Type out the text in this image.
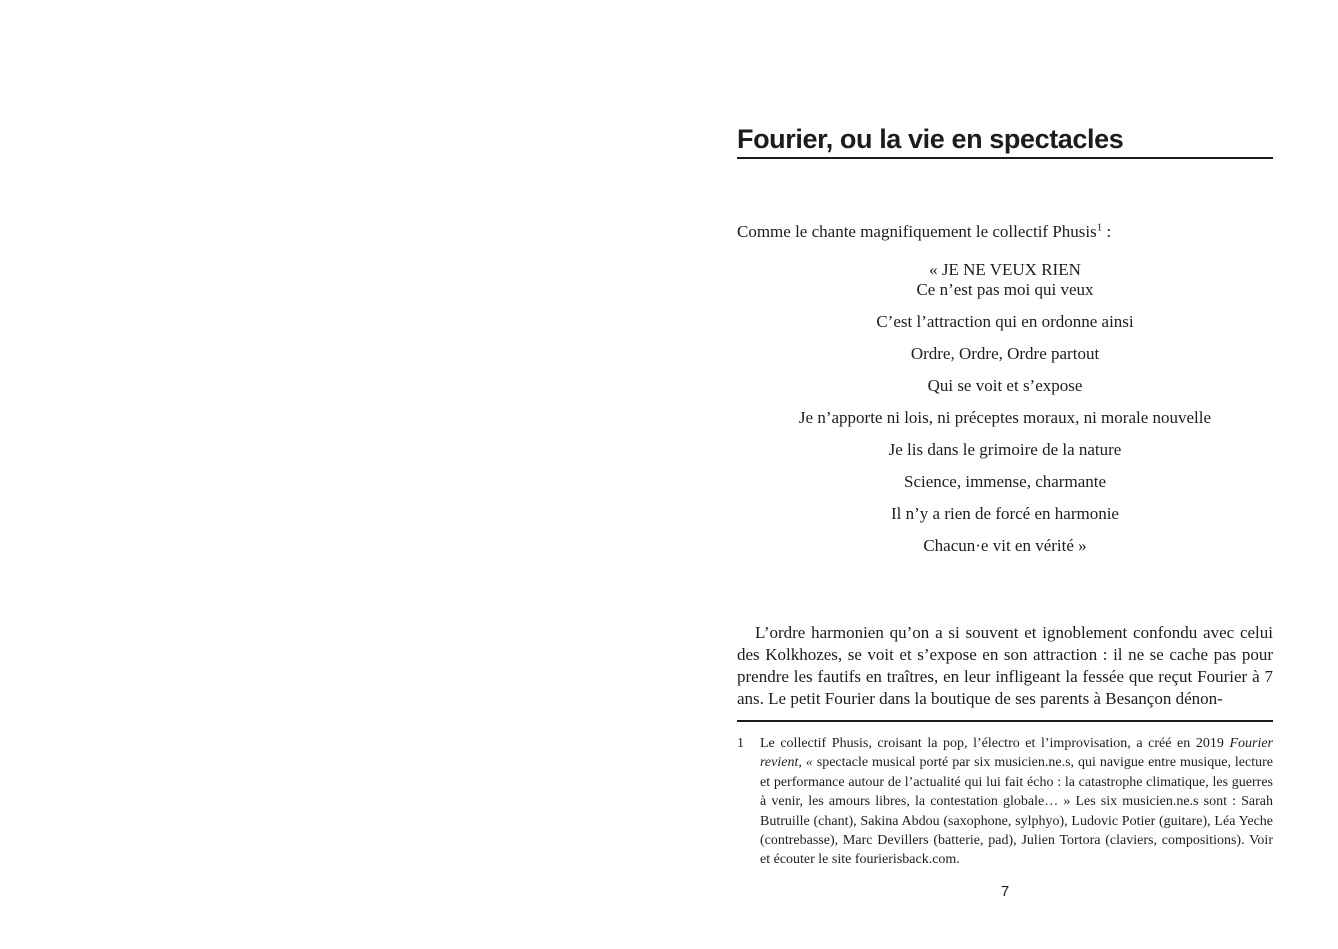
Fourier, ou la vie en spectacles

Comme le chante magnifiquement le collectif Phusis$^1$ :

« JE NE VEUX RIEN
Ce n’est pas moi qui veux
C’est l’attraction qui en ordonne ainsi
Ordre, Ordre, Ordre partout
Qui se voit et s’expose
Je n’apporte ni lois, ni préceptes moraux, ni morale nouvelle
Je lis dans le grimoire de la nature
Science, immense, charmante
Il n’y a rien de forcé en harmonie
Chacun·e vit en vérité »

L’ordre harmonien qu’on a si souvent et ignoblement confondu avec celui des Kolkhozes, se voit et s’expose en son attraction : il ne se cache pas pour prendre les fautifs en traîtres, en leur infligeant la fessée que reçut Fourier à 7 ans. Le petit Fourier dans la boutique de ses parents à Besançon dénon-

1 Le collectif Phusis, croisant la pop, l’électro et l’improvisation, a créé en 2019 Fourier revient, « spectacle musical porté par six musicien.ne.s, qui navigue entre musique, lecture et performance autour de l’actualité qui lui fait écho : la catastrophe climatique, les guerres à venir, les amours libres, la contestation globale… » Les six musicien.ne.s sont : Sarah Butruille (chant), Sakina Abdou (saxophone, sylphyo), Ludovic Potier (guitare), Léa Yeche (contrebasse), Marc Devillers (batterie, pad), Julien Tortora (claviers, compositions). Voir et écouter le site fourierisback.com.

7
